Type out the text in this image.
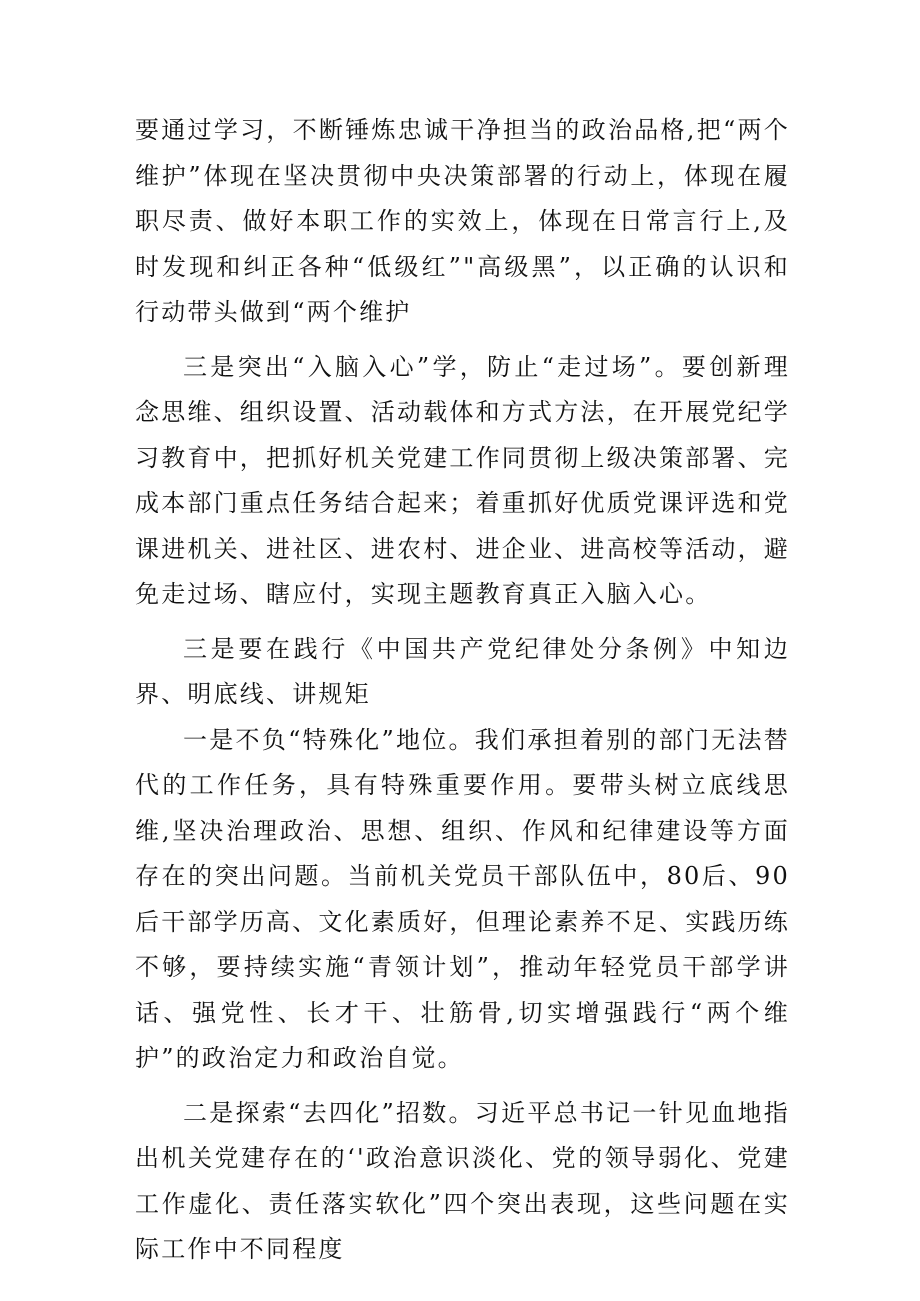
要通过学习，不断锤炼忠诚干净担当的政治品格,把“两个维护”体现在坚决贯彻中央决策部署的行动上，体现在履职尽责、做好本职工作的实效上，体现在日常言行上,及时发现和纠正各种“低级红”"高级黑”，以正确的认识和行动带头做到“两个维护

三是突出“入脑入心”学，防止“走过场”。要创新理念思维、组织设置、活动载体和方式方法，在开展党纪学习教育中，把抓好机关党建工作同贯彻上级决策部署、完成本部门重点任务结合起来；着重抓好优质党课评选和党课进机关、进社区、进农村、进企业、进高校等活动，避免走过场、瞎应付，实现主题教育真正入脑入心。

三是要在践行《中国共产党纪律处分条例》中知边界、明底线、讲规矩

一是不负“特殊化”地位。我们承担着别的部门无法替代的工作任务，具有特殊重要作用。要带头树立底线思维,坚决治理政治、思想、组织、作风和纪律建设等方面存在的突出问题。当前机关党员干部队伍中，80后、90后干部学历高、文化素质好，但理论素养不足、实践历练不够，要持续实施“青领计划”，推动年轻党员干部学讲话、强党性、长才干、壮筋骨,切实增强践行“两个维护”的政治定力和政治自觉。

二是探索“去四化”招数。习近平总书记一针见血地指出机关党建存在的‘'政治意识淡化、党的领导弱化、党建工作虚化、责任落实软化”四个突出表现，这些问题在实际工作中不同程度
